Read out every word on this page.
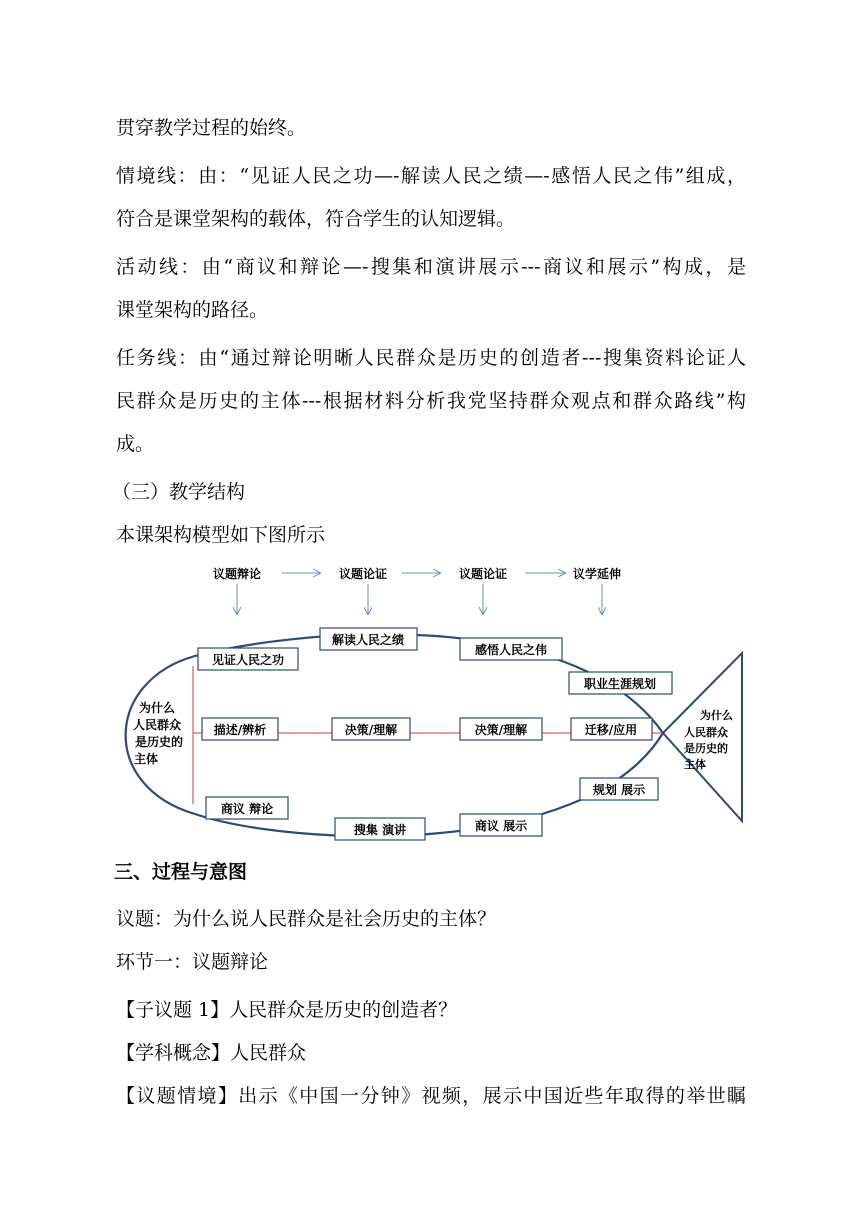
贯穿教学过程的始终。
情境线：由：“见证人民之功—-解读人民之绩—-感悟人民之伟”组成，
符合是课堂架构的载体，符合学生的认知逻辑。
活动线：由“商议和辩论—-搜集和演讲展示---商议和展示”构成，是
课堂架构的路径。
任务线：由“通过辩论明晰人民群众是历史的创造者---搜集资料论证人
民群众是历史的主体---根据材料分析我党坚持群众观点和群众路线”构
成。
（三）教学结构
本课架构模型如下图所示
议题辩论	议题论证	议题论证	议学延伸
见证人民之功
解读人民之绩
感悟人民之伟
职业生涯规划
描述/辨析	决策/理解	决策/理解	迁移/应用
商议 辩论
搜集 演讲	商议 展示
规划 展示
为什么
人民群众
是历史的
主体
为什么
人民群众
是历史的
主体
三、过程与意图
议题：为什么说人民群众是社会历史的主体？
环节一：议题辩论
【子议题 1】人民群众是历史的创造者？
【学科概念】人民群众
【议题情境】出示《中国一分钟》视频，展示中国近些年取得的举世瞩
